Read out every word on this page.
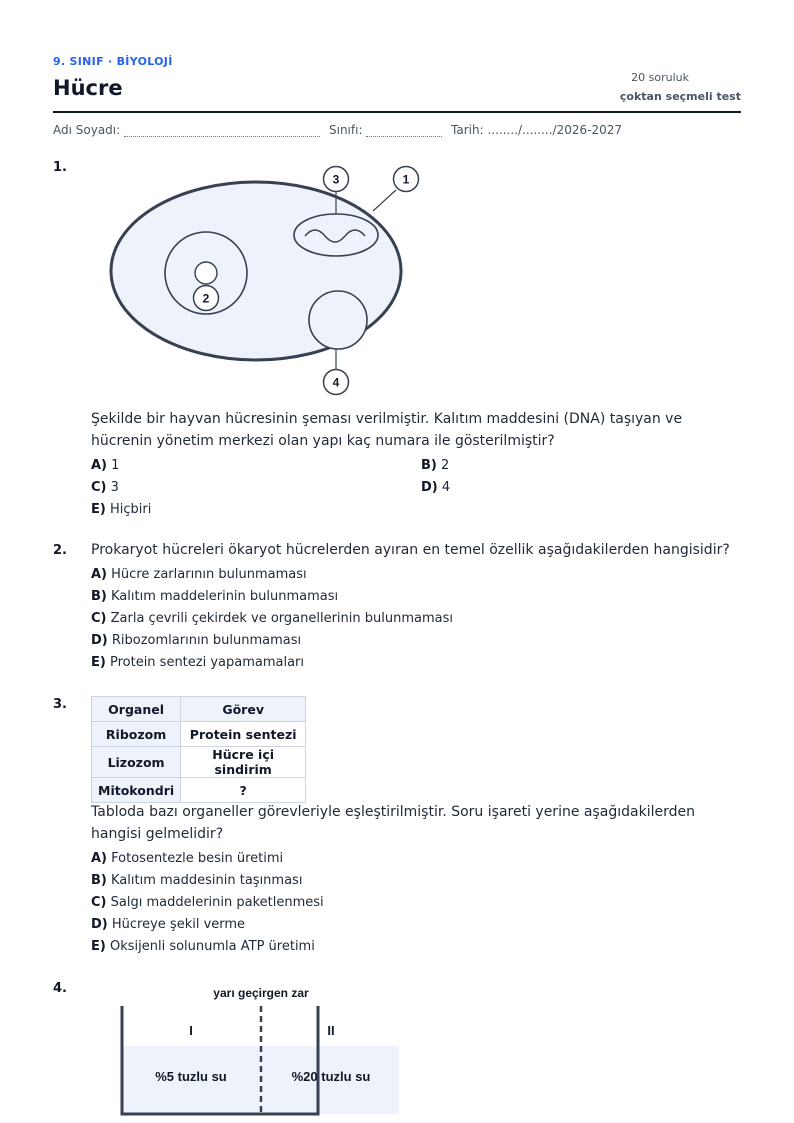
9. SINIF · BİYOLOJİ
Hücre	20 soruluk
çoktan seçmeli test
Adı Soyadı:	Sınıfı:	Tarih: ......../......../2026-2027
1.
3	1
2
4
Şekilde bir hayvan hücresinin şeması verilmiştir. Kalıtım maddesini (DNA) taşıyan ve hücrenin yönetim merkezi olan yapı kaç numara ile gösterilmiştir?
A) 1	B) 2
C) 3	D) 4
E) Hiçbiri
2. Prokaryot hücreleri ökaryot hücrelerden ayıran en temel özellik aşağıdakilerden hangisidir?
A) Hücre zarlarının bulunmaması
B) Kalıtım maddelerinin bulunmaması
C) Zarla çevrili çekirdek ve organellerinin bulunmaması
D) Ribozomlarının bulunmaması
E) Protein sentezi yapamamaları
3.	Organel	Görev
Ribozom	Protein sentezi
Lizozom	Hücre içi sindirim
Mitokondri	?
Tabloda bazı organeller görevleriyle eşleştirilmiştir. Soru işareti yerine aşağıdakilerden hangisi gelmelidir?
A) Fotosentezle besin üretimi
B) Kalıtım maddesinin taşınması
C) Salgı maddelerinin paketlenmesi
D) Hücreye şekil verme
E) Oksijenli solunumla ATP üretimi
4.	yarı geçirgen zar
I	II
%5 tuzlu su	%20 tuzlu su
